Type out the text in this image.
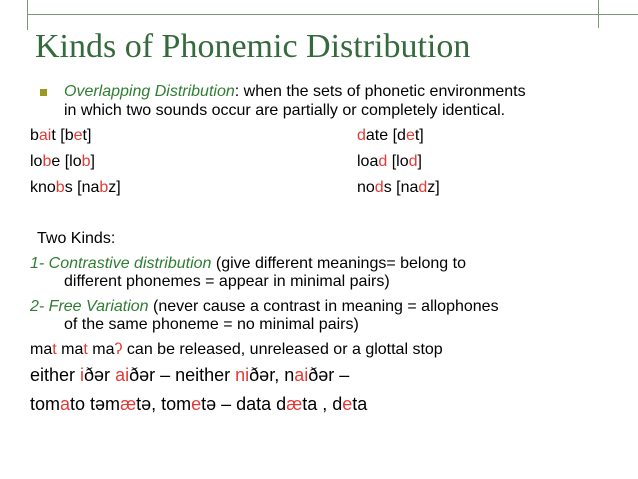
Kinds of Phonemic Distribution
Overlapping Distribution: when the sets of phonetic environments
in which two sounds occur are partially or completely identical.
bait [bet]	date [det]
lobe [lob]	load [lod]
knobs [nabz]	nods [nadz]
Two Kinds:
1- Contrastive distribution (give different meanings= belong to
different phonemes = appear in minimal pairs)
2- Free Variation (never cause a contrast in meaning = allophones
of the same phoneme = no minimal pairs)
mat mat maʔ can be released, unreleased or a glottal stop
either iðər aiðər – neither niðər, naiðər –
tomato təmætə, tometə – data dæta , deta
